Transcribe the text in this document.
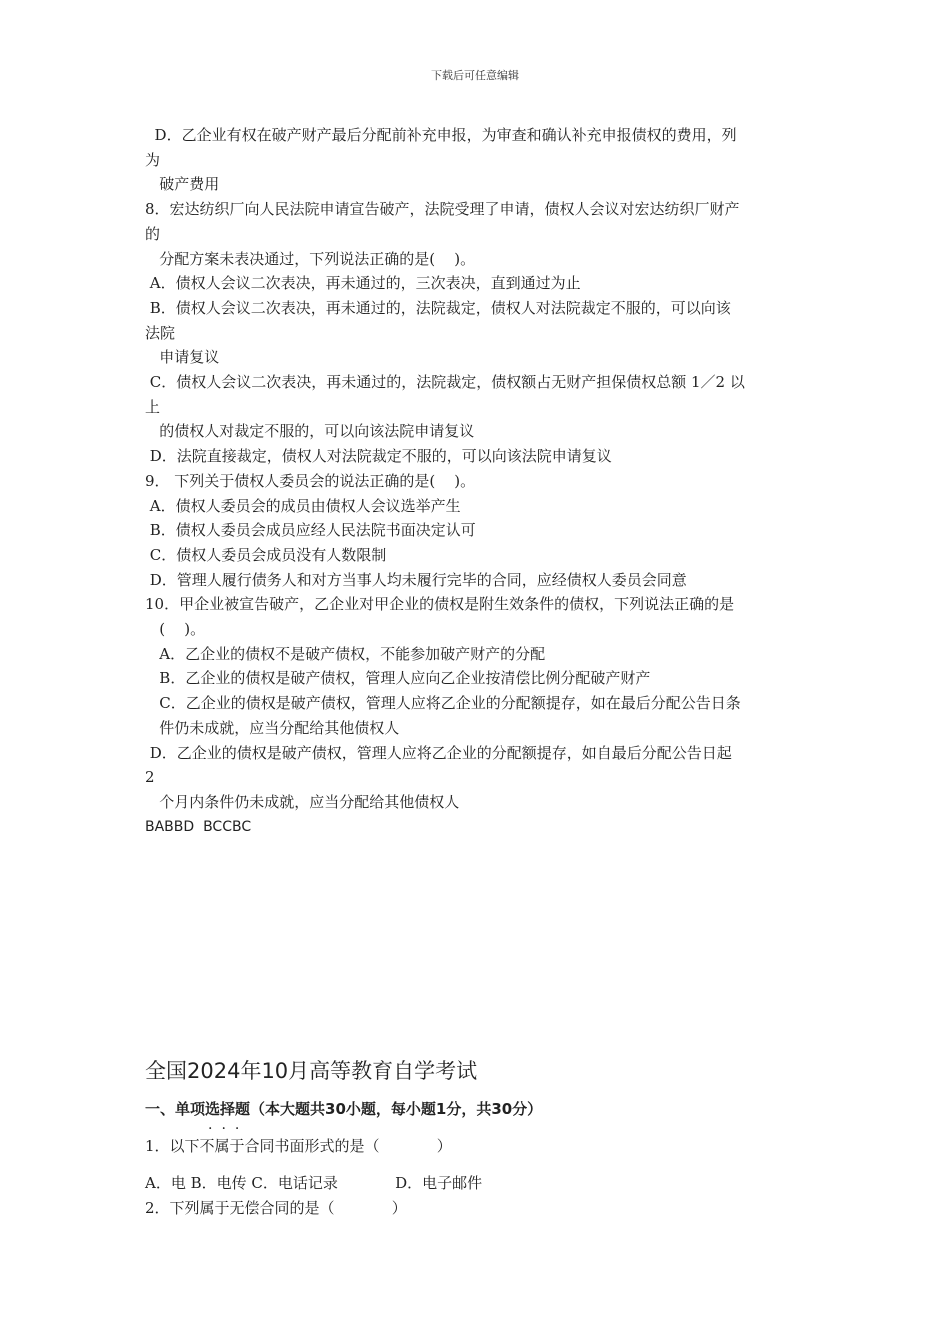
下载后可任意编辑
D．乙企业有权在破产财产最后分配前补充申报，为审查和确认补充申报债权的费用，列
为
破产费用
8．宏达纺织厂向人民法院申请宣告破产，法院受理了申请，债权人会议对宏达纺织厂财产
的
分配方案未表决通过，下列说法正确的是(    )。
A．债权人会议二次表决，再未通过的，三次表决，直到通过为止
B．债权人会议二次表决，再未通过的，法院裁定，债权人对法院裁定不服的，可以向该
法院
申请复议
C．债权人会议二次表决，再未通过的，法院裁定，债权额占无财产担保债权总额 1／2 以
上
的债权人对裁定不服的，可以向该法院申请复议
D．法院直接裁定，债权人对法院裁定不服的，可以向该法院申请复议
9． 下列关于债权人委员会的说法正确的是(    )。
A．债权人委员会的成员由债权人会议选举产生
B．债权人委员会成员应经人民法院书面决定认可
C．债权人委员会成员没有人数限制
D．管理人履行债务人和对方当事人均未履行完毕的合同，应经债权人委员会同意
10．甲企业被宣告破产，乙企业对甲企业的债权是附生效条件的债权，下列说法正确的是
(    )。
A．乙企业的债权不是破产债权，不能参加破产财产的分配
B．乙企业的债权是破产债权，管理人应向乙企业按清偿比例分配破产财产
C．乙企业的债权是破产债权，管理人应将乙企业的分配额提存，如在最后分配公告日条
件仍未成就，应当分配给其他债权人
D．乙企业的债权是破产债权，管理人应将乙企业的分配额提存，如自最后分配公告日起
2
个月内条件仍未成就，应当分配给其他债权人
BABBD  BCCBC
全国2024年10月高等教育自学考试
一、单项选择题（本大题共30小题，每小题1分，共30分）
...
1．以下不属于合同书面形式的是（            ）
A．电 B．电传 C．电话记录            D．电子邮件
2．下列属于无偿合同的是（            ）
